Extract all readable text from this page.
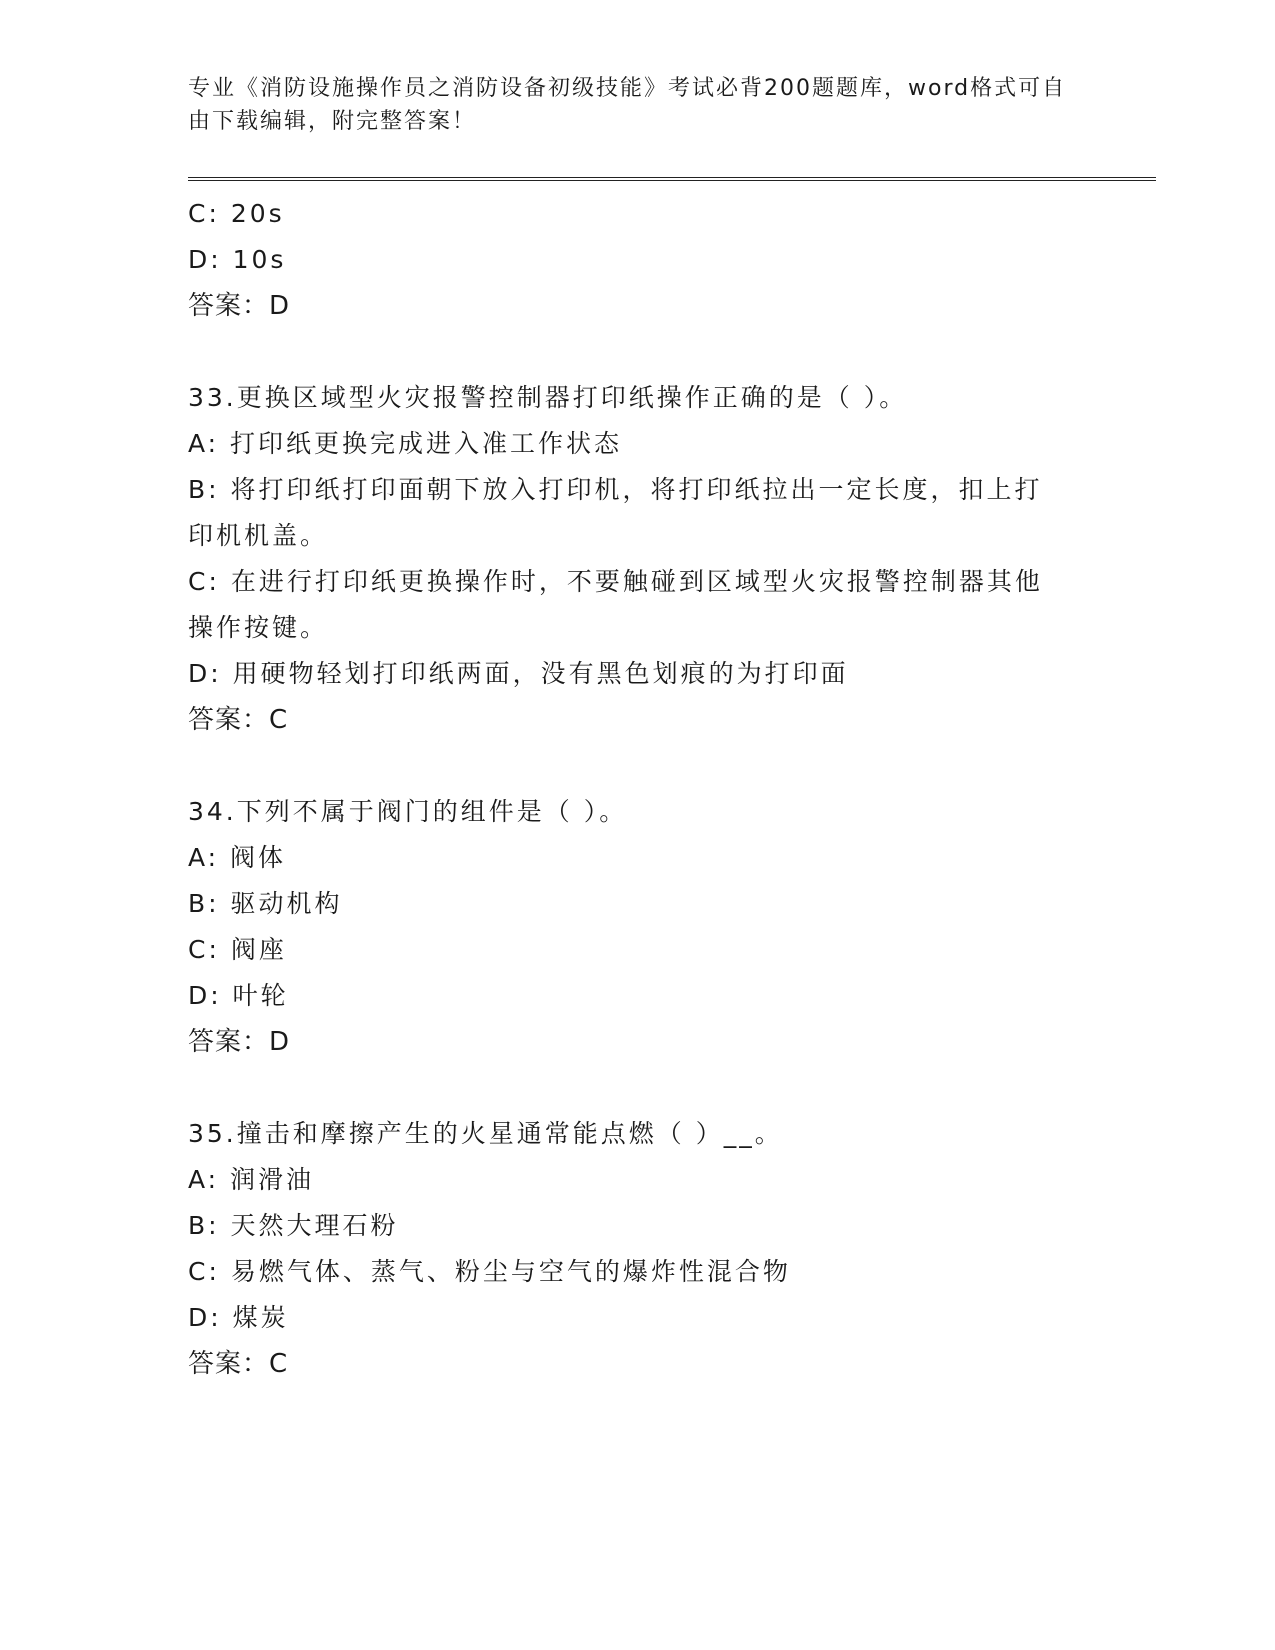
专业《消防设施操作员之消防设备初级技能》考试必背200题题库，word格式可自由下载编辑，附完整答案！
C: 20s
D: 10s
答案：D
33.更换区域型火灾报警控制器打印纸操作正确的是（ ）。
A: 打印纸更换完成进入准工作状态
B: 将打印纸打印面朝下放入打印机，将打印纸拉出一定长度，扣上打印机机盖。
C: 在进行打印纸更换操作时，不要触碰到区域型火灾报警控制器其他操作按键。
D: 用硬物轻划打印纸两面，没有黑色划痕的为打印面
答案：C
34.下列不属于阀门的组件是（ ）。
A: 阀体
B: 驱动机构
C: 阀座
D: 叶轮
答案：D
35.撞击和摩擦产生的火星通常能点燃（ ）__。
A: 润滑油
B: 天然大理石粉
C: 易燃气体、蒸气、粉尘与空气的爆炸性混合物
D: 煤炭
答案：C
